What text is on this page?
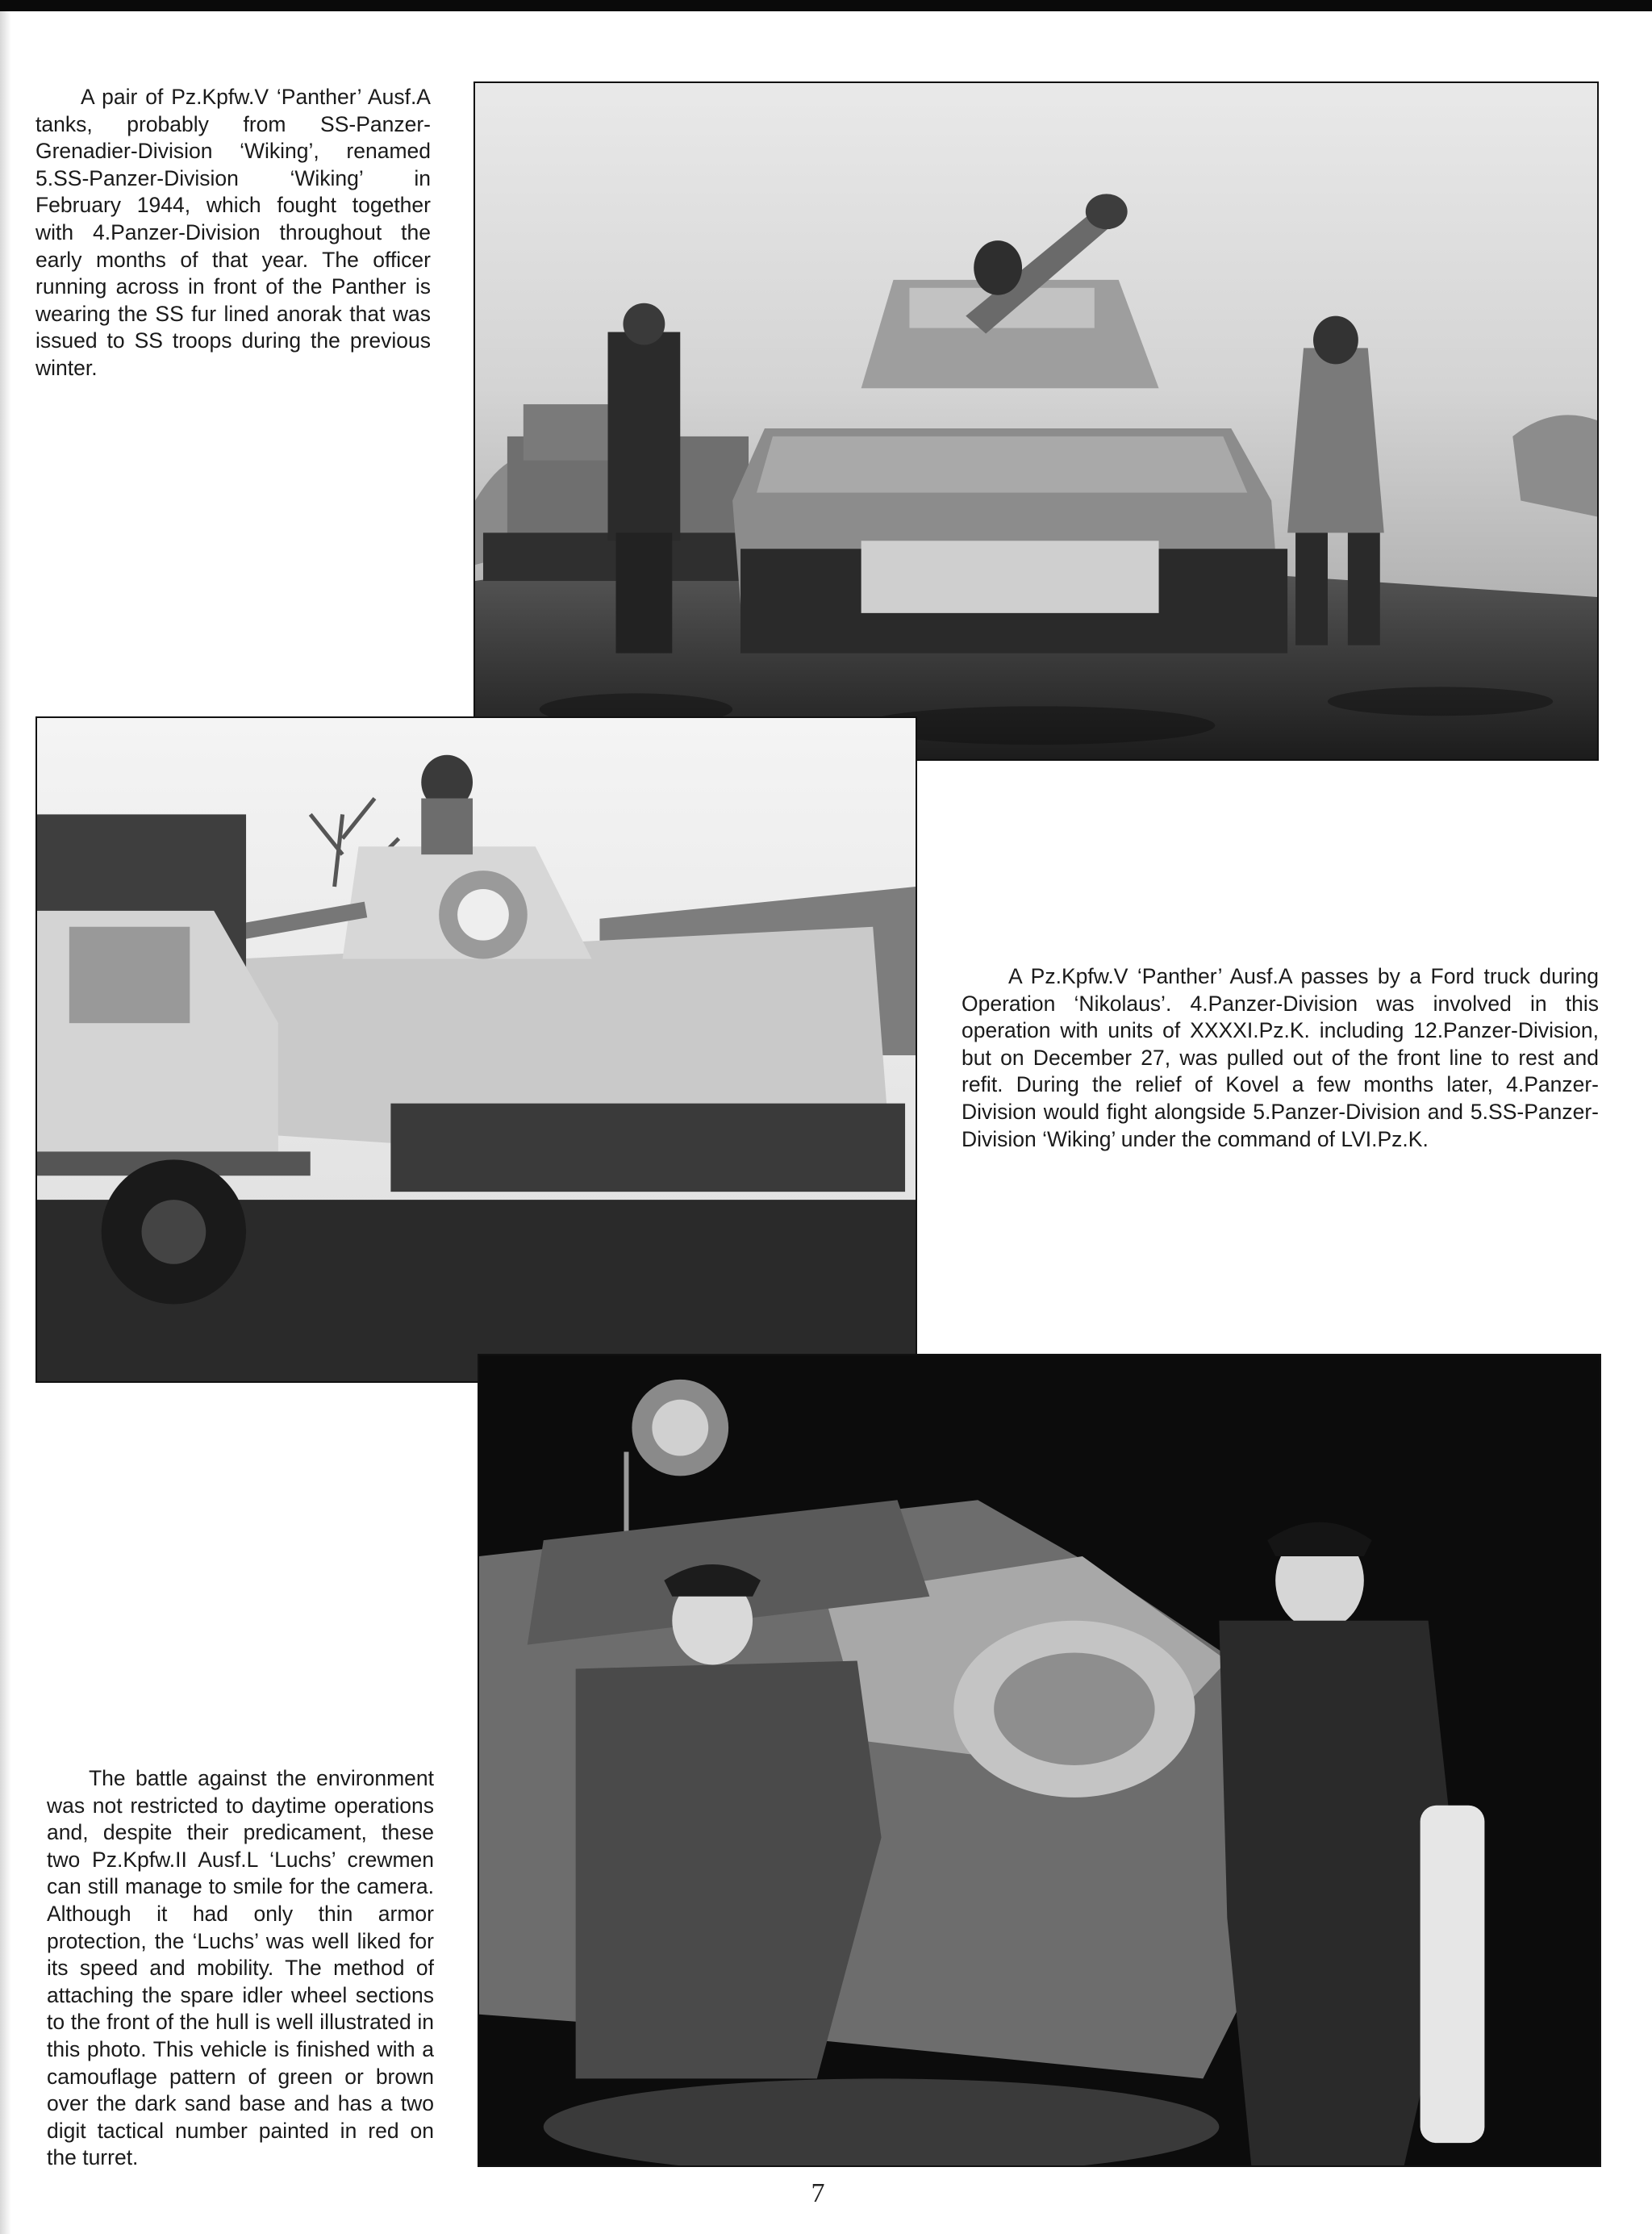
A pair of Pz.Kpfw.V ‘Panther’ Ausf.A tanks, probably from SS-Panzer-Grenadier-Division ‘Wiking’, renamed 5.SS-Panzer-Division ‘Wiking’ in February 1944, which fought together with 4.Panzer-Division throughout the early months of that year. The officer running across in front of the Panther is wearing the SS fur lined anorak that was issued to SS troops during the previous winter.

A Pz.Kpfw.V ‘Panther’ Ausf.A passes by a Ford truck during Operation ‘Nikolaus’. 4.Panzer-Division was involved in this operation with units of XXXXI.Pz.K. including 12.Panzer-Division, but on December 27, was pulled out of the front line to rest and refit. During the relief of Kovel a few months later, 4.Panzer-Division would fight alongside 5.Panzer-Division and 5.SS-Panzer-Division ‘Wiking’ under the command of LVI.Pz.K.

The battle against the environment was not restricted to daytime operations and, despite their predicament, these two Pz.Kpfw.II Ausf.L ‘Luchs’ crewmen can still manage to smile for the camera. Although it had only thin armor protection, the ‘Luchs’ was well liked for its speed and mobility. The method of attaching the spare idler wheel sections to the front of the hull is well illustrated in this photo. This vehicle is finished with a camouflage pattern of green or brown over the dark sand base and has a two digit tactical number painted in red on the turret.

7
